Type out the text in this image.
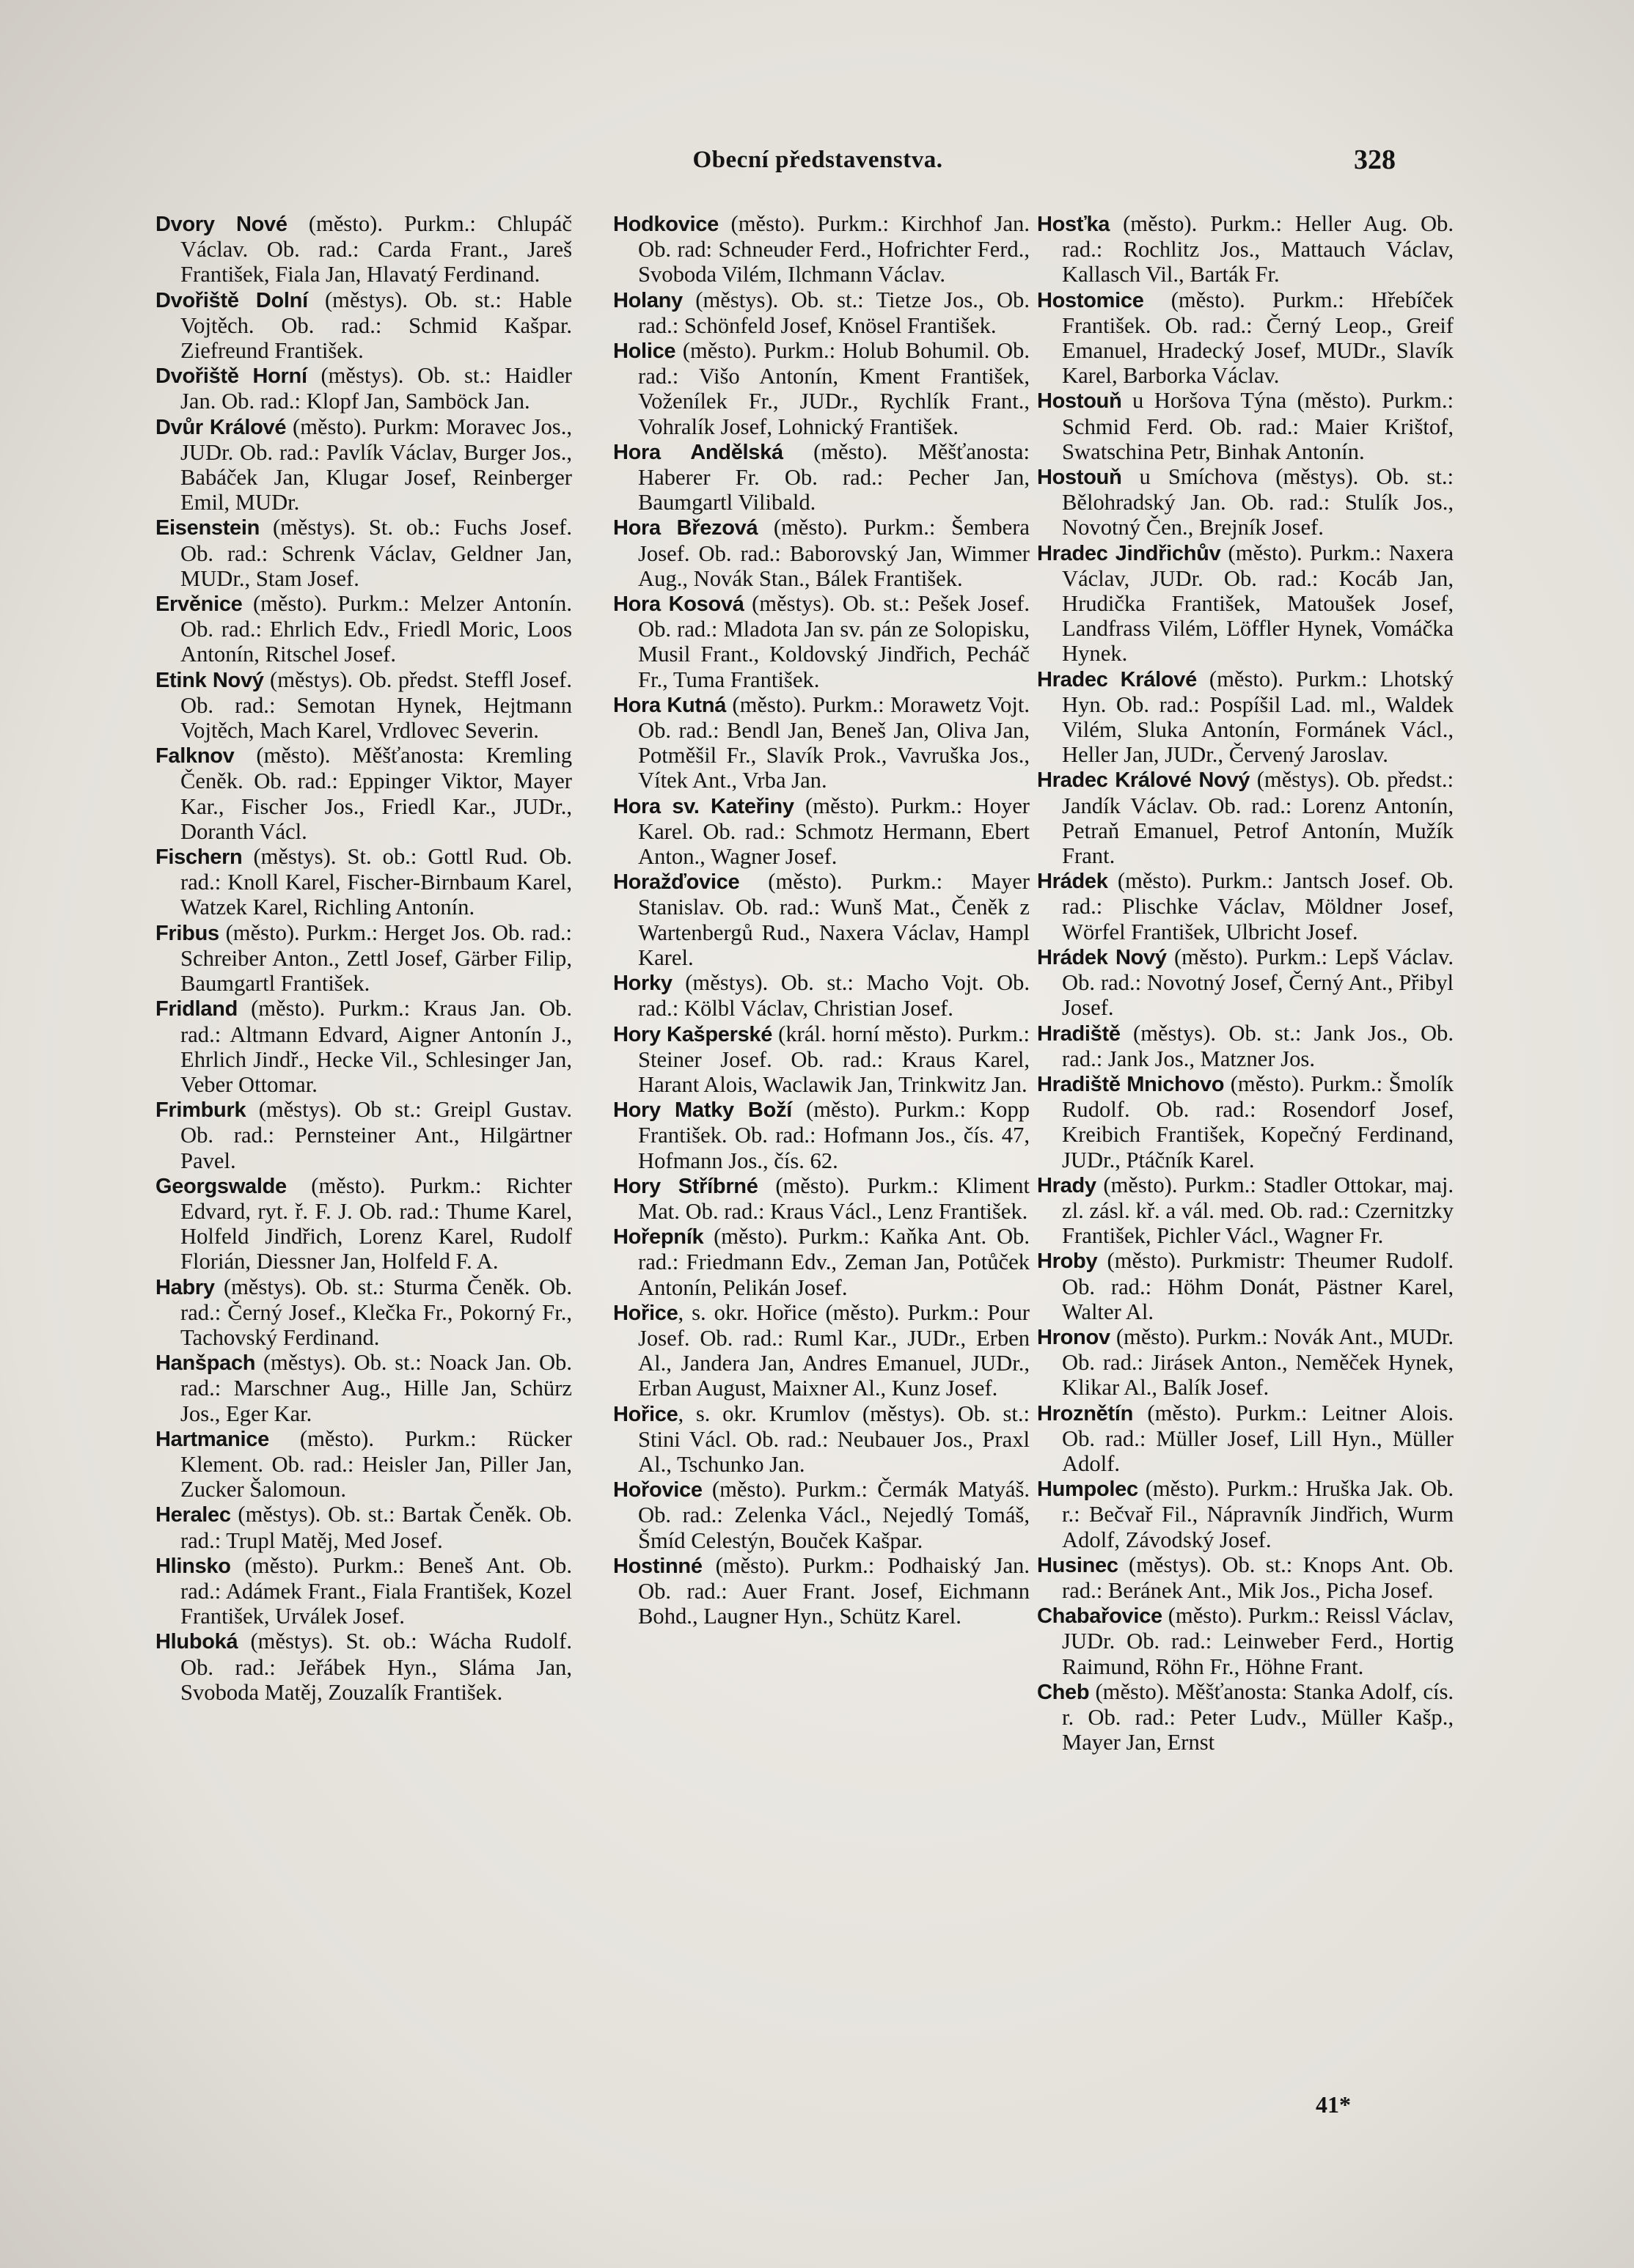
Obecní představenstva.	328

Dvory Nové (město). Purkm.: Chlupáč Václav. Ob. rad.: Carda Frant., Jareš František, Fiala Jan, Hlavatý Ferdinand.

Dvořiště Dolní (městys). Ob. st.: Hable Vojtěch. Ob. rad.: Schmid Kašpar. Ziefreund František.

Dvořiště Horní (městys). Ob. st.: Haidler Jan. Ob. rad.: Klopf Jan, Samböck Jan.

Dvůr Králové (město). Purkm: Moravec Jos., JUDr. Ob. rad.: Pavlík Václav, Burger Jos., Babáček Jan, Klugar Josef, Reinberger Emil, MUDr.

Eisenstein (městys). St. ob.: Fuchs Josef. Ob. rad.: Schrenk Václav, Geldner Jan, MUDr., Stam Josef.

Ervěnice (město). Purkm.: Melzer Antonín. Ob. rad.: Ehrlich Edv., Friedl Moric, Loos Antonín, Ritschel Josef.

Etink Nový (městys). Ob. předst. Steffl Josef. Ob. rad.: Semotan Hynek, Hejtmann Vojtěch, Mach Karel, Vrdlovec Severin.

Falknov (město). Měšťanosta: Kremling Čeněk. Ob. rad.: Eppinger Viktor, Mayer Kar., Fischer Jos., Friedl Kar., JUDr., Doranth Václ.

Fischern (městys). St. ob.: Gottl Rud. Ob. rad.: Knoll Karel, Fischer-Birnbaum Karel, Watzek Karel, Richling Antonín.

Fribus (město). Purkm.: Herget Jos. Ob. rad.: Schreiber Anton., Zettl Josef, Gärber Filip, Baumgartl František.

Fridland (město). Purkm.: Kraus Jan. Ob. rad.: Altmann Edvard, Aigner Antonín J., Ehrlich Jindř., Hecke Vil., Schlesinger Jan, Veber Ottomar.

Frimburk (městys). Ob st.: Greipl Gustav. Ob. rad.: Pernsteiner Ant., Hilgärtner Pavel.

Georgswalde (město). Purkm.: Richter Edvard, ryt. ř. F. J. Ob. rad.: Thume Karel, Holfeld Jindřich, Lorenz Karel, Rudolf Florián, Diessner Jan, Holfeld F. A.

Habry (městys). Ob. st.: Sturma Čeněk. Ob. rad.: Černý Josef., Klečka Fr., Pokorný Fr., Tachovský Ferdinand.

Hanšpach (městys). Ob. st.: Noack Jan. Ob. rad.: Marschner Aug., Hille Jan, Schürz Jos., Eger Kar.

Hartmanice (město). Purkm.: Rücker Klement. Ob. rad.: Heisler Jan, Piller Jan, Zucker Šalomoun.

Heralec (městys). Ob. st.: Bartak Čeněk. Ob. rad.: Trupl Matěj, Med Josef.

Hlinsko (město). Purkm.: Beneš Ant. Ob. rad.: Adámek Frant., Fiala František, Kozel František, Urválek Josef.

Hluboká (městys). St. ob.: Wácha Rudolf. Ob. rad.: Jeřábek Hyn., Sláma Jan, Svoboda Matěj, Zouzalík František.

Hodkovice (město). Purkm.: Kirchhof Jan. Ob. rad: Schneuder Ferd., Hofrichter Ferd., Svoboda Vilém, Ilchmann Václav.

Holany (městys). Ob. st.: Tietze Jos., Ob. rad.: Schönfeld Josef, Knösel František.

Holice (město). Purkm.: Holub Bohumil. Ob. rad.: Višo Antonín, Kment František, Voženílek Fr., JUDr., Rychlík Frant., Vohralík Josef, Lohnický František.

Hora Andělská (město). Měšťanosta: Haberer Fr. Ob. rad.: Pecher Jan, Baumgartl Vilibald.

Hora Březová (město). Purkm.: Šembera Josef. Ob. rad.: Baborovský Jan, Wimmer Aug., Novák Stan., Bálek František.

Hora Kosová (městys). Ob. st.: Pešek Josef. Ob. rad.: Mladota Jan sv. pán ze Solopisku, Musil Frant., Koldovský Jindřich, Pecháč Fr., Tuma František.

Hora Kutná (město). Purkm.: Morawetz Vojt. Ob. rad.: Bendl Jan, Beneš Jan, Oliva Jan, Potměšil Fr., Slavík Prok., Vavruška Jos., Vítek Ant., Vrba Jan.

Hora sv. Kateřiny (město). Purkm.: Hoyer Karel. Ob. rad.: Schmotz Hermann, Ebert Anton., Wagner Josef.

Horažďovice (město). Purkm.: Mayer Stanislav. Ob. rad.: Wunš Mat., Čeněk z Wartenbergů Rud., Naxera Václav, Hampl Karel.

Horky (městys). Ob. st.: Macho Vojt. Ob. rad.: Kölbl Václav, Christian Josef.

Hory Kašperské (král. horní město). Purkm.: Steiner Josef. Ob. rad.: Kraus Karel, Harant Alois, Waclawik Jan, Trinkwitz Jan.

Hory Matky Boží (město). Purkm.: Kopp František. Ob. rad.: Hofmann Jos., čís. 47, Hofmann Jos., čís. 62.

Hory Stříbrné (město). Purkm.: Kliment Mat. Ob. rad.: Kraus Václ., Lenz František.

Hořepník (město). Purkm.: Kaňka Ant. Ob. rad.: Friedmann Edv., Zeman Jan, Potůček Antonín, Pelikán Josef.

Hořice, s. okr. Hořice (město). Purkm.: Pour Josef. Ob. rad.: Ruml Kar., JUDr., Erben Al., Jandera Jan, Andres Emanuel, JUDr., Erban August, Maixner Al., Kunz Josef.

Hořice, s. okr. Krumlov (městys). Ob. st.: Stini Václ. Ob. rad.: Neubauer Jos., Praxl Al., Tschunko Jan.

Hořovice (město). Purkm.: Čermák Matyáš. Ob. rad.: Zelenka Václ., Nejedlý Tomáš, Šmíd Celestýn, Bouček Kašpar.

Hostinné (město). Purkm.: Podhaiský Jan. Ob. rad.: Auer Frant. Josef, Eichmann Bohd., Laugner Hyn., Schütz Karel.

Hosťka (město). Purkm.: Heller Aug. Ob. rad.: Rochlitz Jos., Mattauch Václav, Kallasch Vil., Barták Fr.

Hostomice (město). Purkm.: Hřebíček František. Ob. rad.: Černý Leop., Greif Emanuel, Hradecký Josef, MUDr., Slavík Karel, Barborka Václav.

Hostouň u Horšova Týna (město). Purkm.: Schmid Ferd. Ob. rad.: Maier Krištof, Swatschina Petr, Binhak Antonín.

Hostouň u Smíchova (městys). Ob. st.: Bělohradský Jan. Ob. rad.: Stulík Jos., Novotný Čen., Brejník Josef.

Hradec Jindřichův (město). Purkm.: Naxera Václav, JUDr. Ob. rad.: Kocáb Jan, Hrudička František, Matoušek Josef, Landfrass Vilém, Löffler Hynek, Vomáčka Hynek.

Hradec Králové (město). Purkm.: Lhotský Hyn. Ob. rad.: Pospíšil Lad. ml., Waldek Vilém, Sluka Antonín, Formánek Václ., Heller Jan, JUDr., Červený Jaroslav.

Hradec Králové Nový (městys). Ob. předst.: Jandík Václav. Ob. rad.: Lorenz Antonín, Petraň Emanuel, Petrof Antonín, Mužík Frant.

Hrádek (město). Purkm.: Jantsch Josef. Ob. rad.: Plischke Václav, Möldner Josef, Wörfel František, Ulbricht Josef.

Hrádek Nový (město). Purkm.: Lepš Václav. Ob. rad.: Novotný Josef, Černý Ant., Přibyl Josef.

Hradiště (městys). Ob. st.: Jank Jos., Ob. rad.: Jank Jos., Matzner Jos.

Hradiště Mnichovo (město). Purkm.: Šmolík Rudolf. Ob. rad.: Rosendorf Josef, Kreibich František, Kopečný Ferdinand, JUDr., Ptáčník Karel.

Hrady (město). Purkm.: Stadler Ottokar, maj. zl. zásl. kř. a vál. med. Ob. rad.: Czernitzky František, Pichler Václ., Wagner Fr.

Hroby (město). Purkmistr: Theumer Rudolf. Ob. rad.: Höhm Donát, Pästner Karel, Walter Al.

Hronov (město). Purkm.: Novák Ant., MUDr. Ob. rad.: Jirásek Anton., Neměček Hynek, Klikar Al., Balík Josef.

Hroznětín (město). Purkm.: Leitner Alois. Ob. rad.: Müller Josef, Lill Hyn., Müller Adolf.

Humpolec (město). Purkm.: Hruška Jak. Ob. r.: Bečvař Fil., Nápravník Jindřich, Wurm Adolf, Závodský Josef.

Husinec (městys). Ob. st.: Knops Ant. Ob. rad.: Beránek Ant., Mik Jos., Picha Josef.

Chabařovice (město). Purkm.: Reissl Václav, JUDr. Ob. rad.: Leinweber Ferd., Hortig Raimund, Röhn Fr., Höhne Frant.

Cheb (město). Měšťanosta: Stanka Adolf, cís. r. Ob. rad.: Peter Ludv., Müller Kašp., Mayer Jan, Ernst

41*
